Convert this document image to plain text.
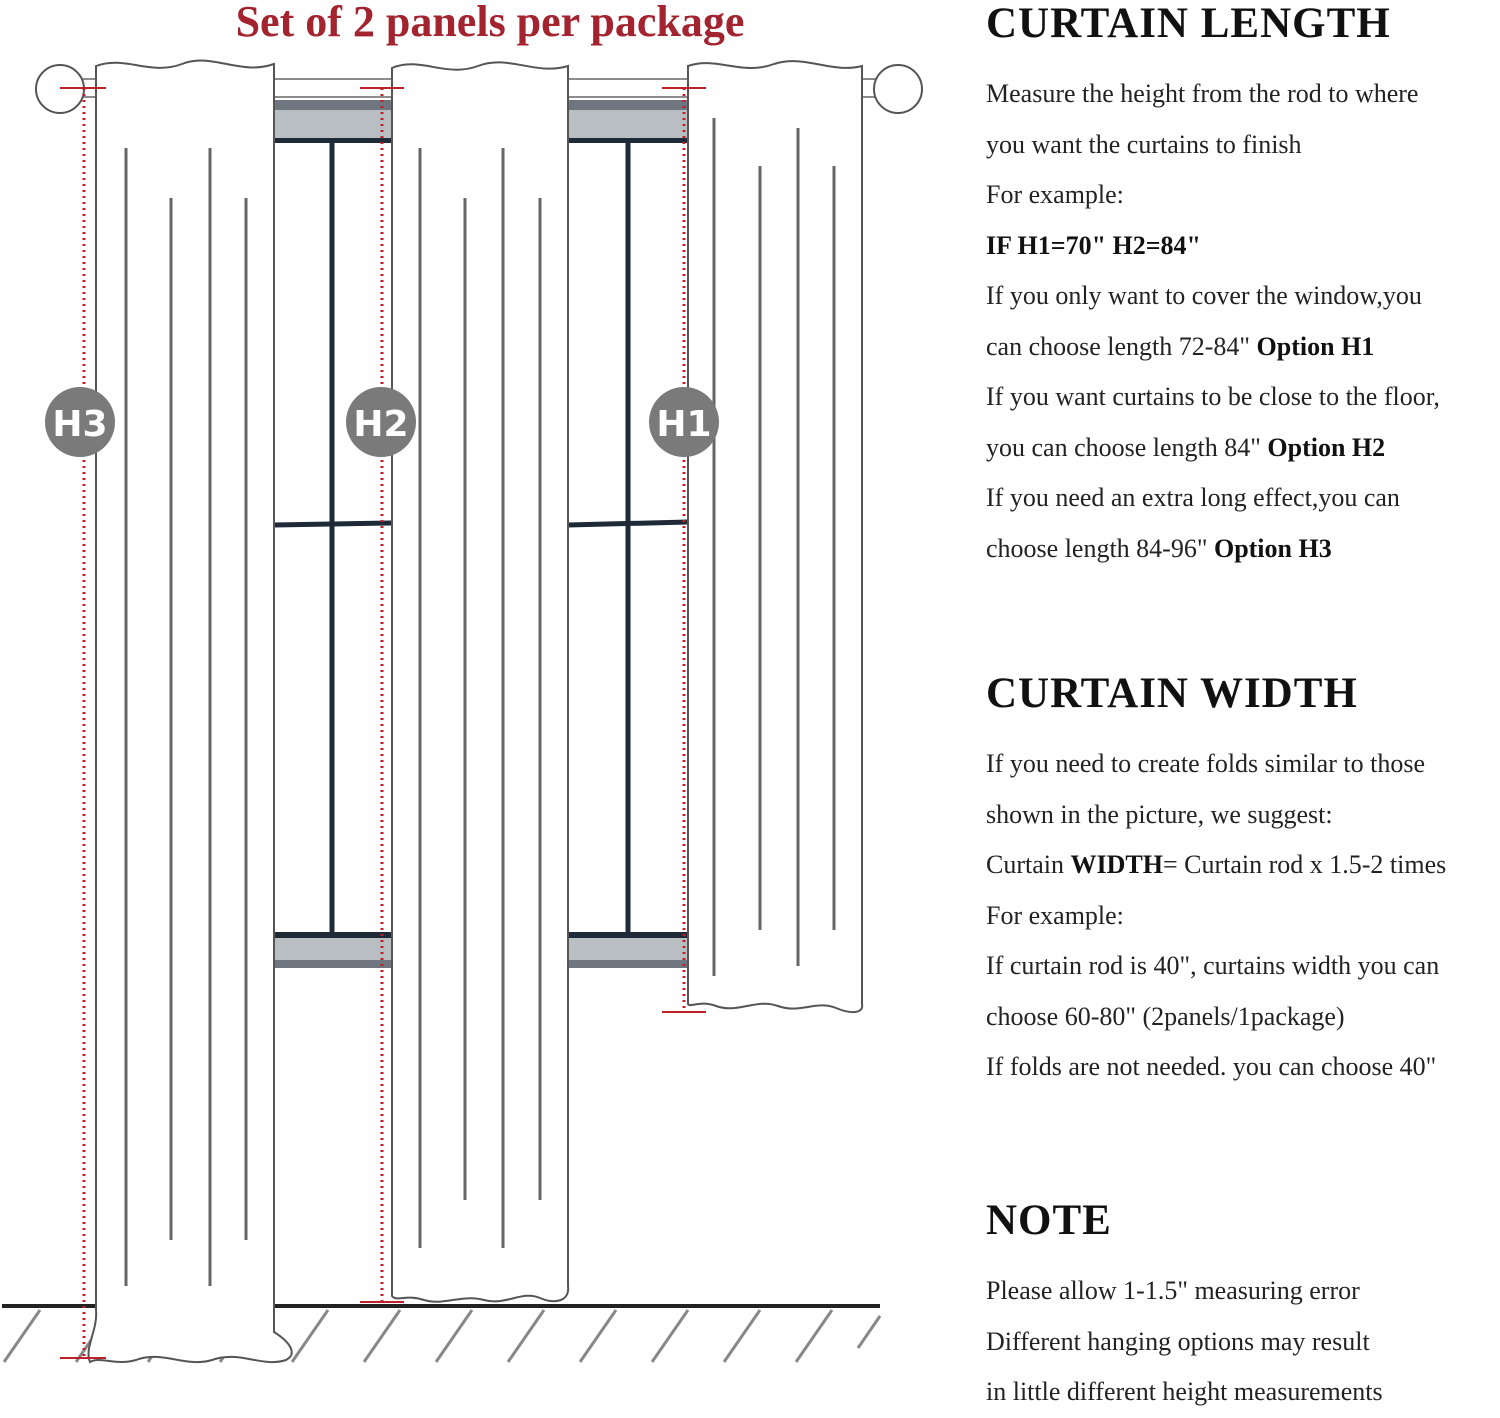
H3	H2	H1
Set of 2 panels per package	CURTAIN LENGTH
Measure the height from the rod to where
you want the curtains to finish
For example:
IF H1=70" H2=84"
If you only want to cover the window,you
can choose length 72-84" Option H1
If you want curtains to be close to the floor,
you can choose length 84" Option H2
If you need an extra long effect,you can
choose length 84-96" Option H3
CURTAIN WIDTH
If you need to create folds similar to those
shown in the picture, we suggest:
Curtain WIDTH= Curtain rod x 1.5-2 times
For example:
If curtain rod is 40", curtains width you can
choose 60-80" (2panels/1package)
If folds are not needed. you can choose 40"
NOTE
Please allow 1-1.5" measuring error
Different hanging options may result
in little different height measurements
